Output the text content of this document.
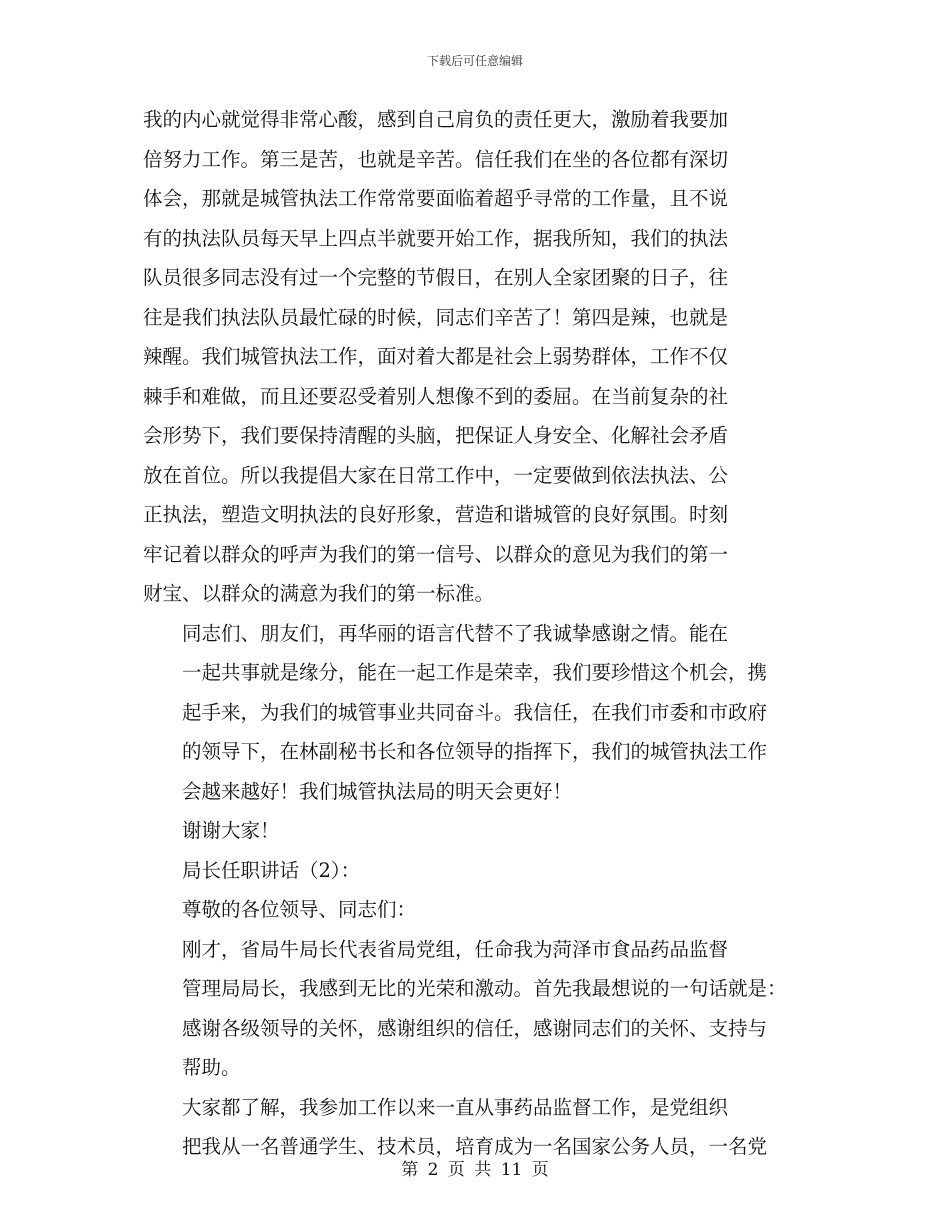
下载后可任意编辑

我的内心就觉得非常心酸，感到自己肩负的责任更大，激励着我要加
倍努力工作。第三是苦，也就是辛苦。信任我们在坐的各位都有深切
体会，那就是城管执法工作常常要面临着超乎寻常的工作量，且不说
有的执法队员每天早上四点半就要开始工作，据我所知，我们的执法
队员很多同志没有过一个完整的节假日，在别人全家团聚的日子，往
往是我们执法队员最忙碌的时候，同志们辛苦了！第四是辣，也就是
辣醒。我们城管执法工作，面对着大都是社会上弱势群体，工作不仅
棘手和难做，而且还要忍受着别人想像不到的委屈。在当前复杂的社
会形势下，我们要保持清醒的头脑，把保证人身安全、化解社会矛盾
放在首位。所以我提倡大家在日常工作中，一定要做到依法执法、公
正执法，塑造文明执法的良好形象，营造和谐城管的良好氛围。时刻
牢记着以群众的呼声为我们的第一信号、以群众的意见为我们的第一
财宝、以群众的满意为我们的第一标准。

同志们、朋友们，再华丽的语言代替不了我诚挚感谢之情。能在
一起共事就是缘分，能在一起工作是荣幸，我们要珍惜这个机会，携
起手来，为我们的城管事业共同奋斗。我信任，在我们市委和市政府
的领导下，在林副秘书长和各位领导的指挥下，我们的城管执法工作
会越来越好！我们城管执法局的明天会更好！

谢谢大家！

局长任职讲话（2）：

尊敬的各位领导、同志们：

刚才，省局牛局长代表省局党组，任命我为菏泽市食品药品监督
管理局局长，我感到无比的光荣和激动。首先我最想说的一句话就是：
感谢各级领导的关怀，感谢组织的信任，感谢同志们的关怀、支持与
帮助。

大家都了解，我参加工作以来一直从事药品监督工作，是党组织
把我从一名普通学生、技术员，培育成为一名国家公务人员，一名党

第 2 页 共 11 页
